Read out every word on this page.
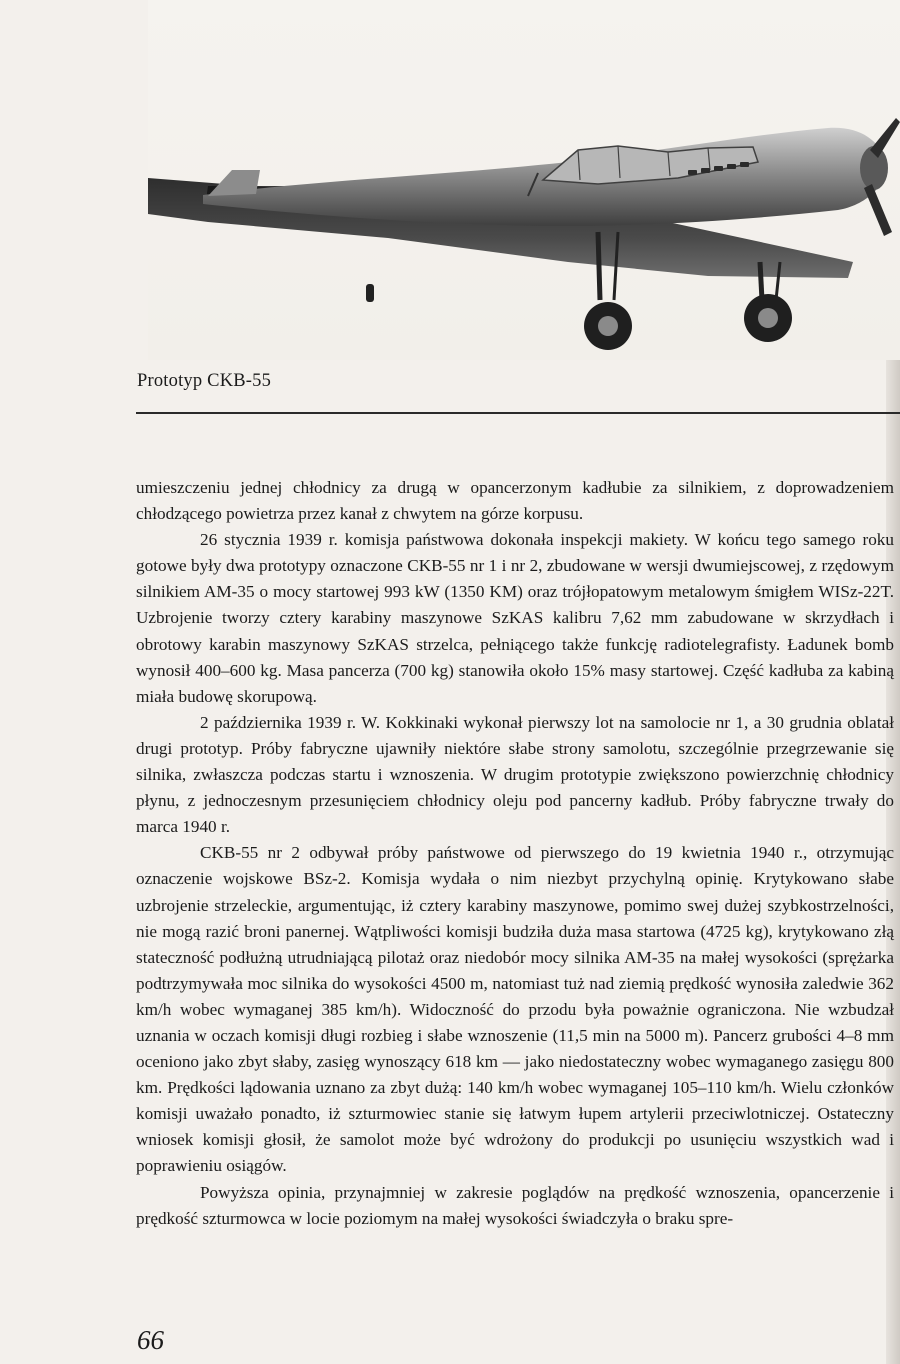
Prototyp CKB-55

umieszczeniu jednej chłodnicy za drugą w opancerzonym kadłubie za silnikiem, z doprowadzeniem chłodzącego powietrza przez kanał z chwytem na górze korpusu.

26 stycznia 1939 r. komisja państwowa dokonała inspekcji makiety. W końcu tego samego roku gotowe były dwa prototypy oznaczone CKB-55 nr 1 i nr 2, zbudowane w wersji dwumiejscowej, z rzędowym silnikiem AM-35 o mocy startowej 993 kW (1350 KM) oraz trójłopatowym metalowym śmigłem WISz-22T. Uzbrojenie tworzy cztery karabiny maszynowe SzKAS kalibru 7,62 mm zabudowane w skrzydłach i obrotowy karabin maszynowy SzKAS strzelca, pełniącego także funkcję radiotelegrafisty. Ładunek bomb wynosił 400–600 kg. Masa pancerza (700 kg) stanowiła około 15% masy startowej. Część kadłuba za kabiną miała budowę skorupową.

2 października 1939 r. W. Kokkinaki wykonał pierwszy lot na samolocie nr 1, a 30 grudnia oblatał drugi prototyp. Próby fabryczne ujawniły niektóre słabe strony samolotu, szczególnie przegrzewanie się silnika, zwłaszcza podczas startu i wznoszenia. W drugim prototypie zwiększono powierzchnię chłodnicy płynu, z jednoczesnym przesunięciem chłodnicy oleju pod pancerny kadłub. Próby fabryczne trwały do marca 1940 r.

CKB-55 nr 2 odbywał próby państwowe od pierwszego do 19 kwietnia 1940 r., otrzymując oznaczenie wojskowe BSz-2. Komisja wydała o nim niezbyt przychylną opinię. Krytykowano słabe uzbrojenie strzeleckie, argumentując, iż cztery karabiny maszynowe, pomimo swej dużej szybkostrzelności, nie mogą razić broni panernej. Wątpliwości komisji budziła duża masa startowa (4725 kg), krytykowano złą stateczność podłużną utrudniającą pilotaż oraz niedobór mocy silnika AM-35 na małej wysokości (sprężarka podtrzymywała moc silnika do wysokości 4500 m, natomiast tuż nad ziemią prędkość wynosiła zaledwie 362 km/h wobec wymaganej 385 km/h). Widoczność do przodu była poważnie ograniczona. Nie wzbudzał uznania w oczach komisji długi rozbieg i słabe wznoszenie (11,5 min na 5000 m). Pancerz grubości 4–8 mm oceniono jako zbyt słaby, zasięg wynoszący 618 km — jako niedostateczny wobec wymaganego zasięgu 800 km. Prędkości lądowania uznano za zbyt dużą: 140 km/h wobec wymaganej 105–110 km/h. Wielu członków komisji uważało ponadto, iż szturmowiec stanie się łatwym łupem artylerii przeciwlotniczej. Ostateczny wniosek komisji głosił, że samolot może być wdrożony do produkcji po usunięciu wszystkich wad i poprawieniu osiągów.

Powyższa opinia, przynajmniej w zakresie poglądów na prędkość wznoszenia, opancerzenie i prędkość szturmowca w locie poziomym na małej wysokości świadczyła o braku spre-

66
